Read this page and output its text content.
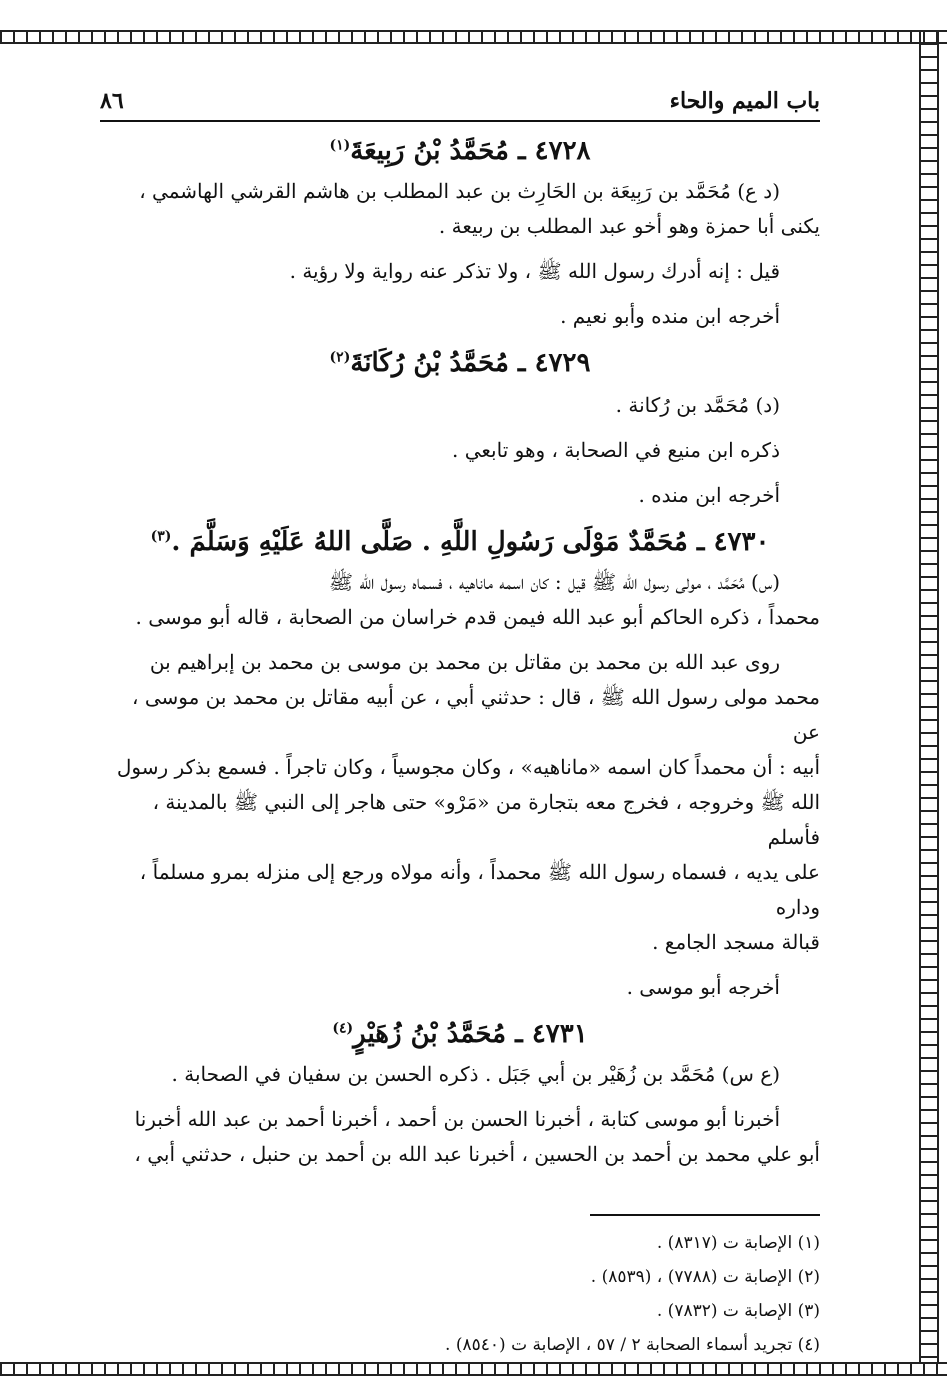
باب الميم والحاء
٨٦
٤٧٢٨ ـ مُحَمَّدُ بْنُ رَبِيعَةَ$^{(١)}$

(د ع) مُحَمَّد بن رَبِيعَة بن الحَارِث بن عبد المطلب بن هاشم القرشي الهاشمي ،

يكنى أبا حمزة وهو أخو عبد المطلب بن ربيعة .

قيل : إنه أدرك رسول الله ﷺ ، ولا تذكر عنه رواية ولا رؤية .

أخرجه ابن منده وأبو نعيم .

٤٧٢٩ ـ مُحَمَّدُ بْنُ رُكَانَةَ$^{(٢)}$

(د) مُحَمَّد بن رُكانة .

ذكره ابن منيع في الصحابة ، وهو تابعي .

أخرجه ابن منده .

٤٧٣٠ ـ مُحَمَّدٌ مَوْلَى رَسُولِ اللَّهِ . صَلَّى اللهُ عَلَيْهِ وَسَلَّمَ .$^{(٣)}$

(س) مُحَمَّد ، مولى رسول الله ﷺ قيل : كان اسمه ماناهيه ، فسماه رسول الله ﷺ

محمداً ، ذكره الحاكم أبو عبد الله فيمن قدم خراسان من الصحابة ، قاله أبو موسى .

روى عبد الله بن محمد بن مقاتل بن محمد بن موسى بن محمد بن إبراهيم بن

محمد مولى رسول الله ﷺ ، قال : حدثني أبي ، عن أبيه مقاتل بن محمد بن موسى ، عن

أبيه : أن محمداً كان اسمه «ماناهيه» ، وكان مجوسياً ، وكان تاجراً . فسمع بذكر رسول

الله ﷺ وخروجه ، فخرج معه بتجارة من «مَرْو» حتى هاجر إلى النبي ﷺ بالمدينة ، فأسلم

على يديه ، فسماه رسول الله ﷺ محمداً ، وأنه مولاه ورجع إلى منزله بمرو مسلماً ، وداره

قبالة مسجد الجامع .

أخرجه أبو موسى .

٤٧٣١ ـ مُحَمَّدُ بْنُ زُهَيْرٍ$^{(٤)}$

(ع س) مُحَمَّد بن زُهَيْر بن أبي جَبَل . ذكره الحسن بن سفيان في الصحابة .

أخبرنا أبو موسى كتابة ، أخبرنا الحسن بن أحمد ، أخبرنا أحمد بن عبد الله أخبرنا

أبو علي محمد بن أحمد بن الحسين ، أخبرنا عبد الله بن أحمد بن حنبل ، حدثني أبي ،

(١) الإصابة ت (٨٣١٧) .
(٢) الإصابة ت (٧٧٨٨) ، (٨٥٣٩) .
(٣) الإصابة ت (٧٨٣٢) .
(٤) تجريد أسماء الصحابة ٢ / ٥٧ ، الإصابة ت (٨٥٤٠) .
